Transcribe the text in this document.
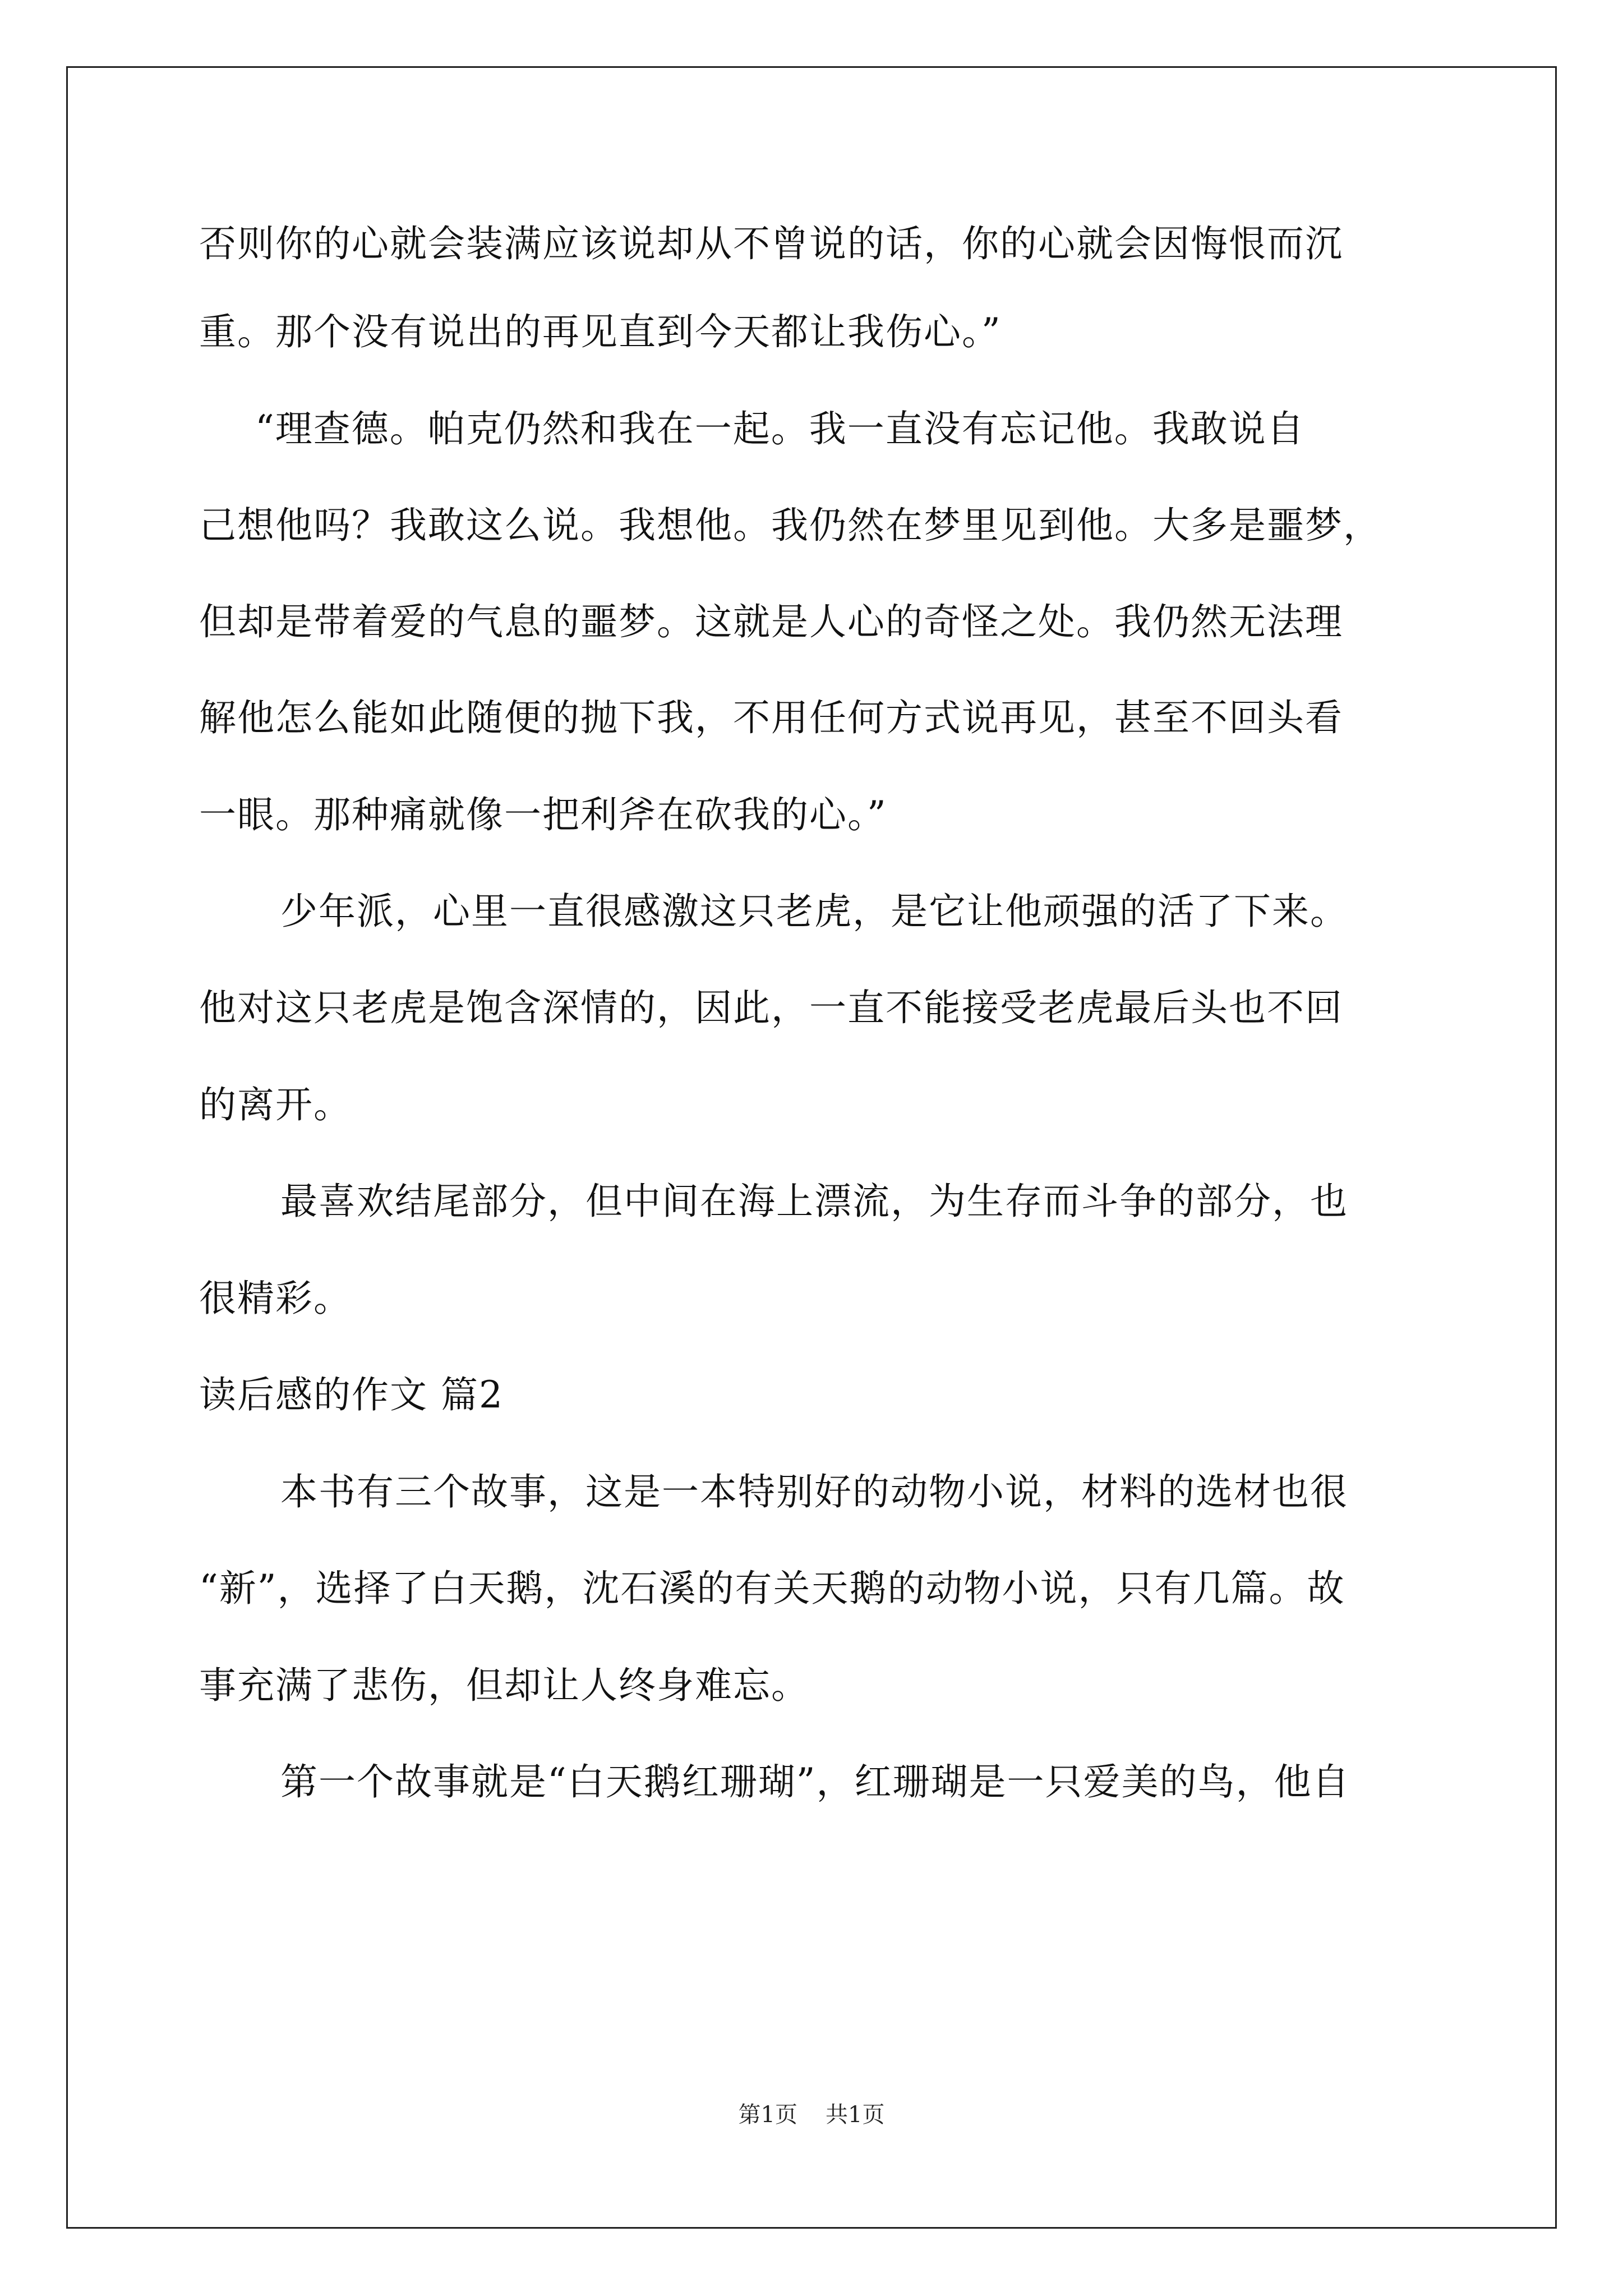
否则你的心就会装满应该说却从不曾说的话，你的心就会因悔恨而沉
重。那个没有说出的再见直到今天都让我伤心。”
“理查德。帕克仍然和我在一起。我一直没有忘记他。我敢说自
己想他吗？我敢这么说。我想他。我仍然在梦里见到他。大多是噩梦，
但却是带着爱的气息的噩梦。这就是人心的奇怪之处。我仍然无法理
解他怎么能如此随便的抛下我，不用任何方式说再见，甚至不回头看
一眼。那种痛就像一把利斧在砍我的心。”
少年派，心里一直很感激这只老虎，是它让他顽强的活了下来。
他对这只老虎是饱含深情的，因此，一直不能接受老虎最后头也不回
的离开。
最喜欢结尾部分，但中间在海上漂流，为生存而斗争的部分，也
很精彩。
读后感的作文 篇2
本书有三个故事，这是一本特别好的动物小说，材料的选材也很
“新”，选择了白天鹅，沈石溪的有关天鹅的动物小说，只有几篇。故
事充满了悲伤，但却让人终身难忘。
第一个故事就是“白天鹅红珊瑚”，红珊瑚是一只爱美的鸟，他自
第1页 共1页
